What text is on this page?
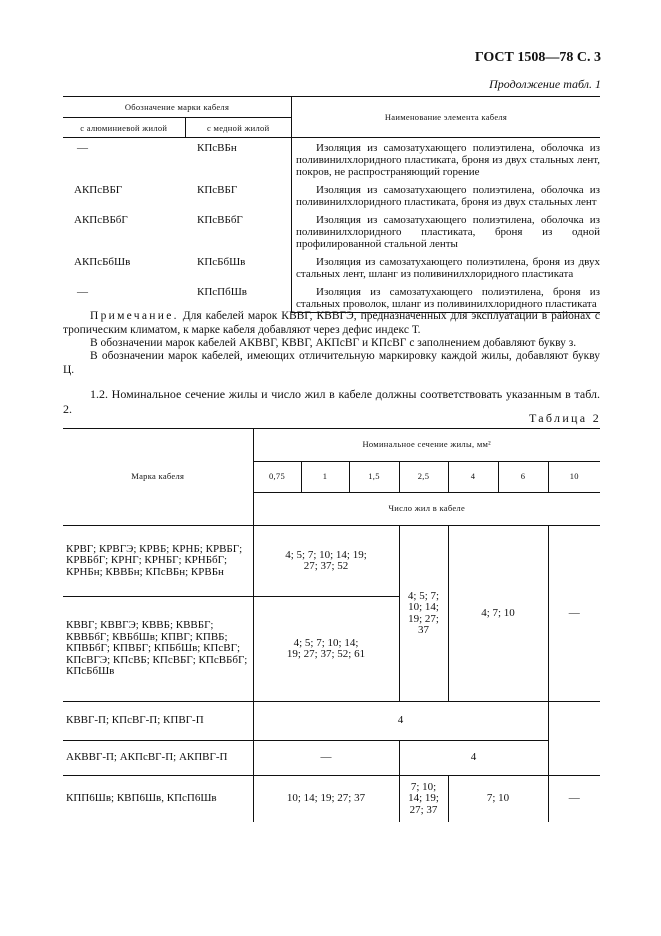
ГОСТ 1508—78 С. 3
Продолжение табл. 1
Обозначение марки кабеля		Наименование элемента кабеля
с алюминиевой жилой	с медной жилой	
—	КПсВБн	Изоляция из самозатухающего полиэтилена, оболочка из поливинилхлоридного пластиката, броня из двух стальных лент, покров, не распространяющий горение
АКПсВБГ	КПсВБГ	Изоляция из самозатухающего полиэтилена, оболочка из поливинилхлоридного пластиката, броня из двух стальных лент
АКПсВБбГ	КПсВБбГ	Изоляция из самозатухающего полиэтилена, оболочка из поливинилхлоридного пластиката, броня из одной профилированной стальной ленты
АКПсБбШв	КПсБбШв	Изоляция из самозатухающего полиэтилена, броня из двух стальных лент, шланг из поливинилхлоридного пластиката
—	КПсПбШв	Изоляция из самозатухающего полиэтилена, броня из стальных проволок, шланг из поливинилхлоридного пластиката
Примечание. Для кабелей марок КВВГ, КВВГЭ, предназначенных для эксплуатации в районах с тропическим климатом, к марке кабеля добавляют через дефис индекс Т.
В обозначении марок кабелей АКВВГ, КВВГ, АКПсВГ и КПсВГ с заполнением добавляют букву з.
В обозначении марок кабелей, имеющих отличительную маркировку каждой жилы, добавляют букву Ц.
1.2. Номинальное сечение жилы и число жил в кабеле должны соответствовать указанным в табл. 2.
Таблица 2
Марка кабеля	Номинальное сечение жилы, мм²						
	0,75	1	1,5	2,5	4	6	10
	Число жил в кабеле						
КРВГ; КРВГЭ; КРВБ; КРНБ; КРВБГ; КРВБбГ; КРНГ; КРНБГ; КРНБбГ; КРНБн; КВВБн; КПсВБн; КРВБн	4; 5; 7; 10; 14; 19; 27; 37; 52			4; 5; 7; 10; 14; 19; 27; 37	4; 7; 10		—
КВВГ; КВВГЭ; КВВБ; КВВБГ; КВВБбГ; КВБбШв; КПВГ; КПВБ; КПВБбГ; КПВБГ; КПБбШв; КПсВГ; КПсВГЭ; КПсВБ; КПсВБГ; КПсВБбГ; КПсБбШв	4; 5; 7; 10; 14; 19; 27; 37; 52; 61						
КВВГ-П; КПсВГ-П; КПВГ-П	4						
АКВВГ-П; АКПсВГ-П; АКПВГ-П	—			4			
КПП6Шв; КВП6Шв, КПсП6Шв	10; 14; 19; 27; 37			7; 10; 14; 19; 27; 37	7; 10		—
